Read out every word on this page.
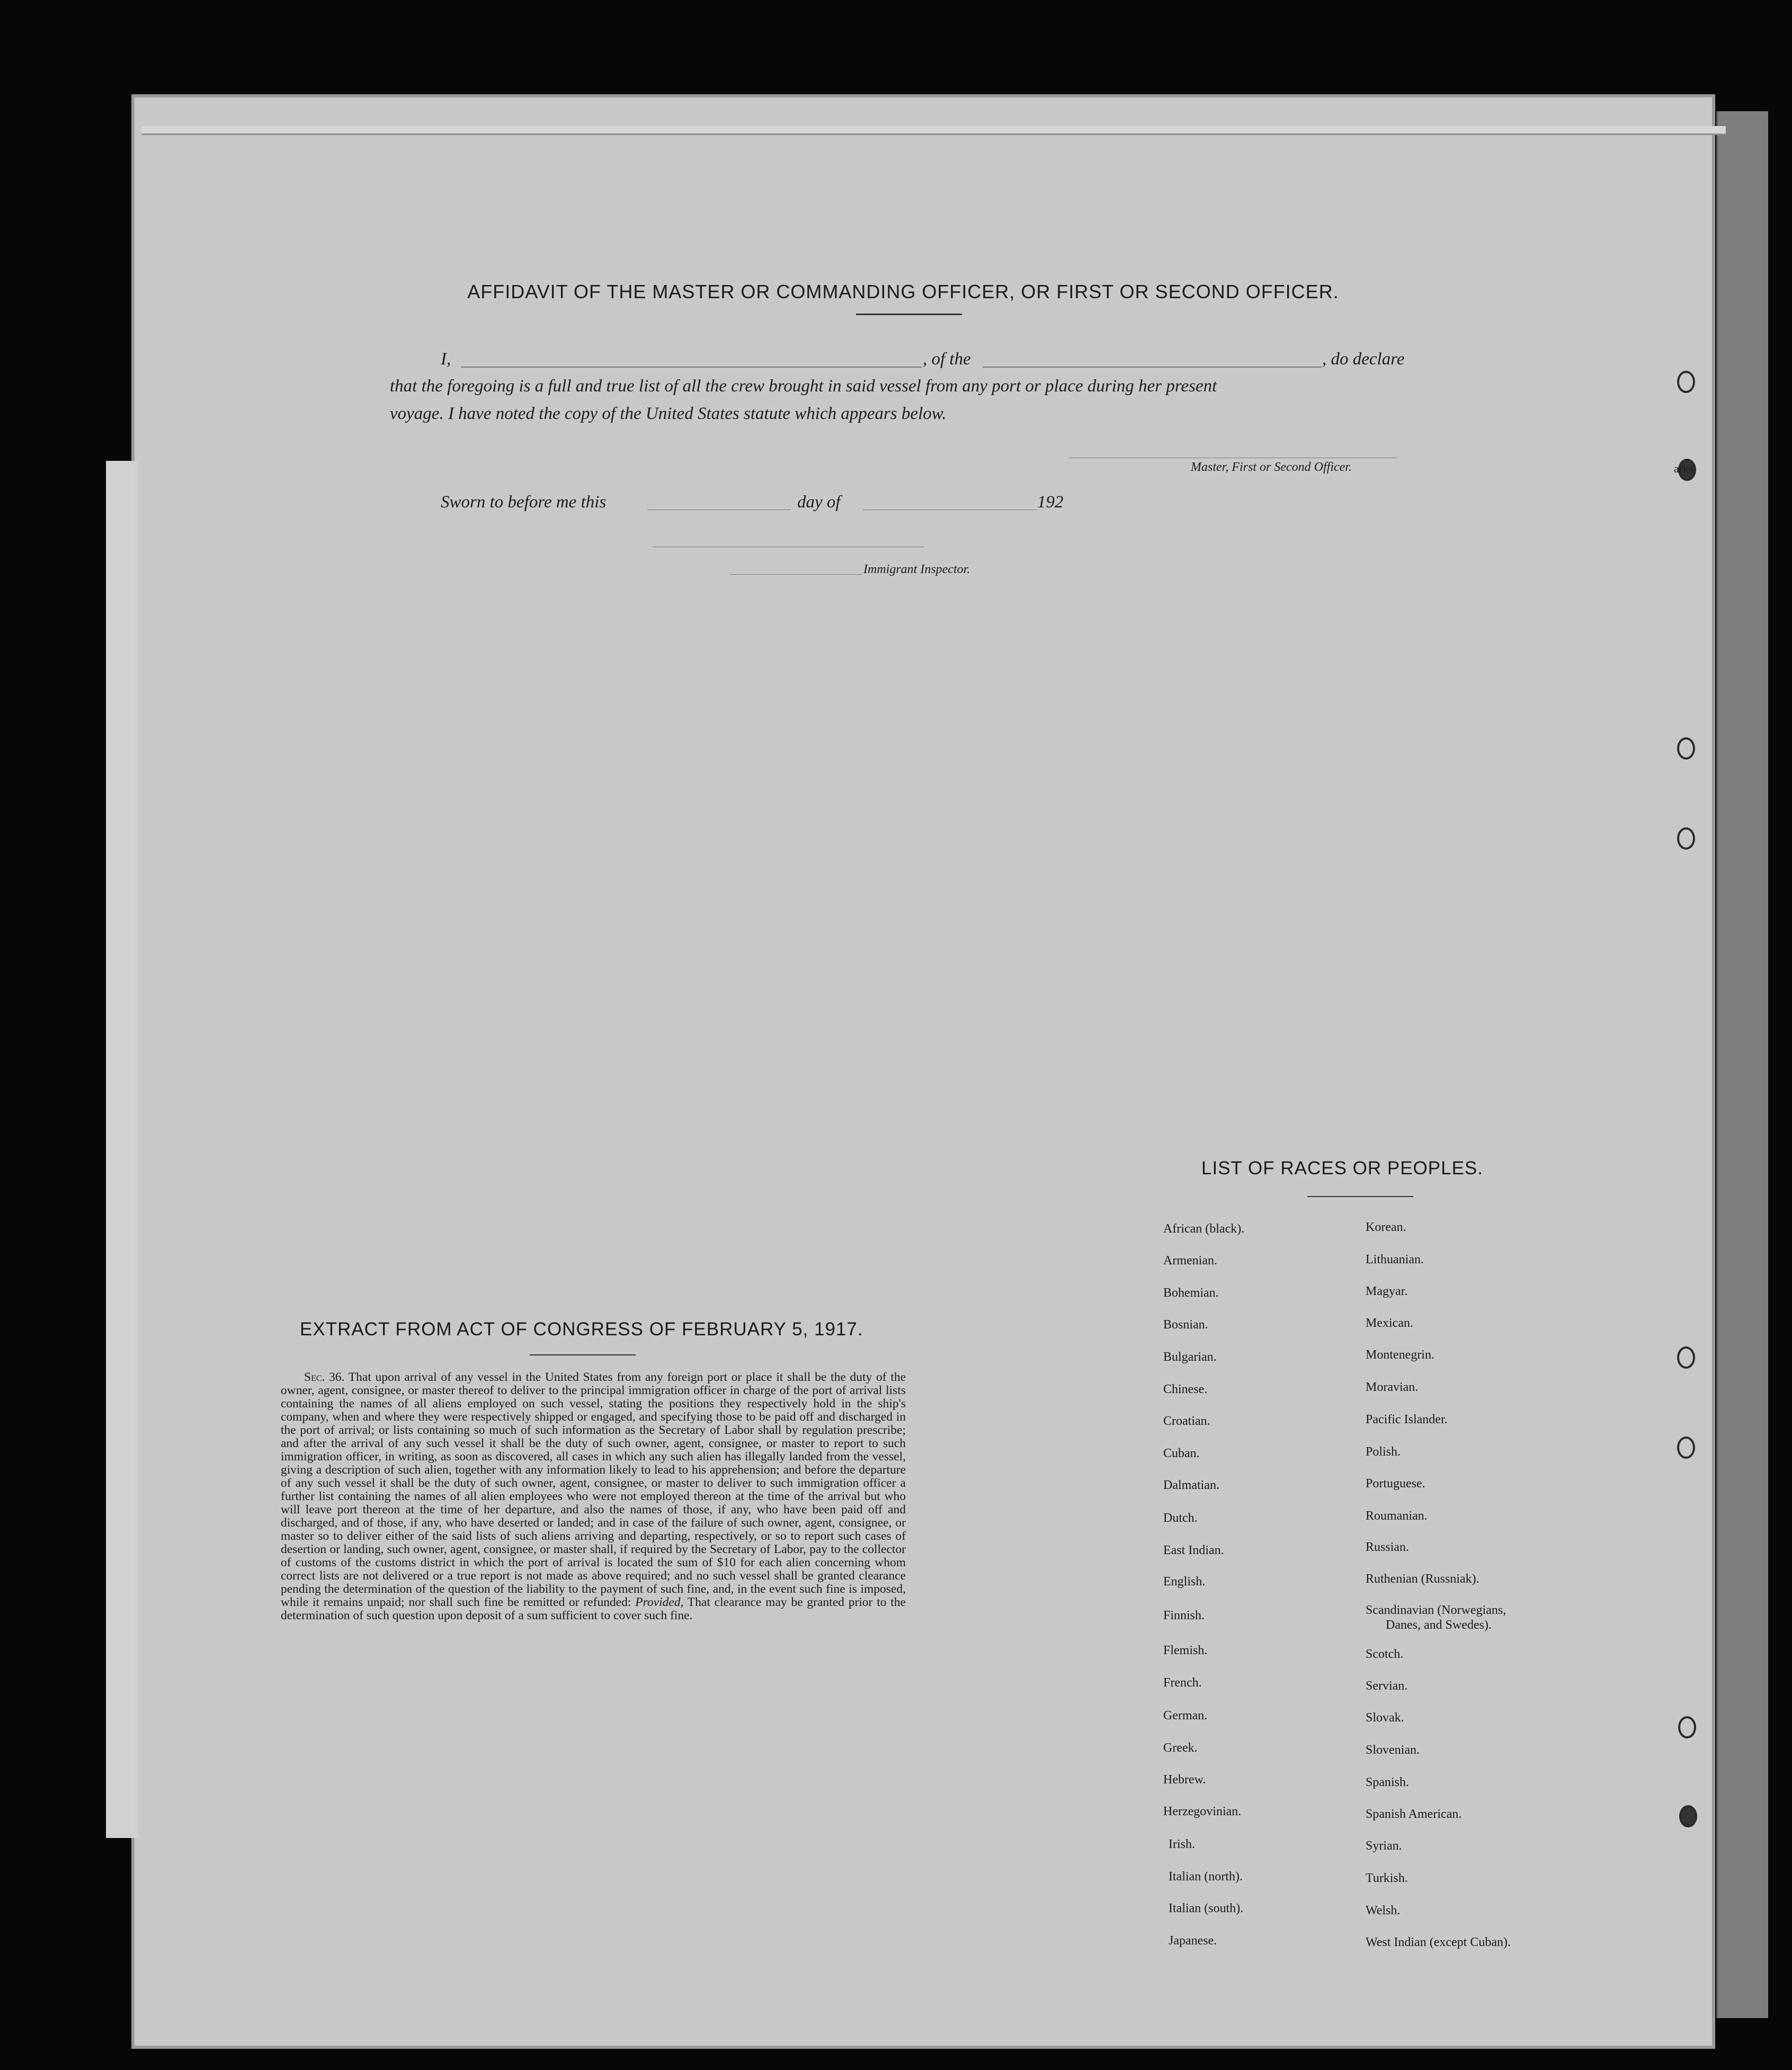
arks
AFFIDAVIT OF THE MASTER OR COMMANDING OFFICER, OR FIRST OR SECOND OFFICER.
I,	, of the	, do declare
that the foregoing is a full and true list of all the crew brought in said vessel from any port or place during her present
voyage. I have noted the copy of the United States statute which appears below.
Master, First or Second Officer.
Sworn to before me this	day of	192
Immigrant Inspector.
EXTRACT FROM ACT OF CONGRESS OF FEBRUARY 5, 1917.
Sec. 36. That upon arrival of any vessel in the United States from any foreign port or place it shall be the duty of the owner, agent, consignee, or master thereof to deliver to the principal immigration officer in charge of the port of arrival lists containing the names of all aliens employed on such vessel, stating the positions they respectively hold in the ship's company, when and where they were respectively shipped or engaged, and specifying those to be paid off and discharged in the port of arrival; or lists containing so much of such information as the Secretary of Labor shall by regulation prescribe; and after the arrival of any such vessel it shall be the duty of such owner, agent, consignee, or master to report to such immigration officer, in writing, as soon as discovered, all cases in which any such alien has illegally landed from the vessel, giving a description of such alien, together with any information likely to lead to his apprehension; and before the departure of any such vessel it shall be the duty of such owner, agent, consignee, or master to deliver to such immigration officer a further list containing the names of all alien employees who were not employed thereon at the time of the arrival but who will leave port thereon at the time of her departure, and also the names of those, if any, who have been paid off and discharged, and of those, if any, who have deserted or landed; and in case of the failure of such owner, agent, consignee, or master so to deliver either of the said lists of such aliens arriving and departing, respectively, or so to report such cases of desertion or landing, such owner, agent, consignee, or master shall, if required by the Secretary of Labor, pay to the collector of customs of the customs district in which the port of arrival is located the sum of $10 for each alien concerning whom correct lists are not delivered or a true report is not made as above required; and no such vessel shall be granted clearance pending the determination of the question of the liability to the payment of such fine, and, in the event such fine is imposed, while it remains unpaid; nor shall such fine be remitted or refunded: Provided, That clearance may be granted prior to the determination of such question upon deposit of a sum sufficient to cover such fine.
LIST OF RACES OR PEOPLES.
African (black).
Armenian.
Bohemian.
Bosnian.
Bulgarian.
Chinese.
Croatian.
Cuban.
Dalmatian.
Dutch.
East Indian.
English.
Finnish.
Flemish.
French.
German.
Greek.
Hebrew.
Herzegovinian.
Irish.
Italian (north).
Italian (south).
Japanese.
Korean.
Lithuanian.
Magyar.
Mexican.
Montenegrin.
Moravian.
Pacific Islander.
Polish.
Portuguese.
Roumanian.
Russian.
Ruthenian (Russniak).
Scandinavian (Norwegians,
Danes, and Swedes).
Scotch.
Servian.
Slovak.
Slovenian.
Spanish.
Spanish American.
Syrian.
Turkish.
Welsh.
West Indian (except Cuban).
